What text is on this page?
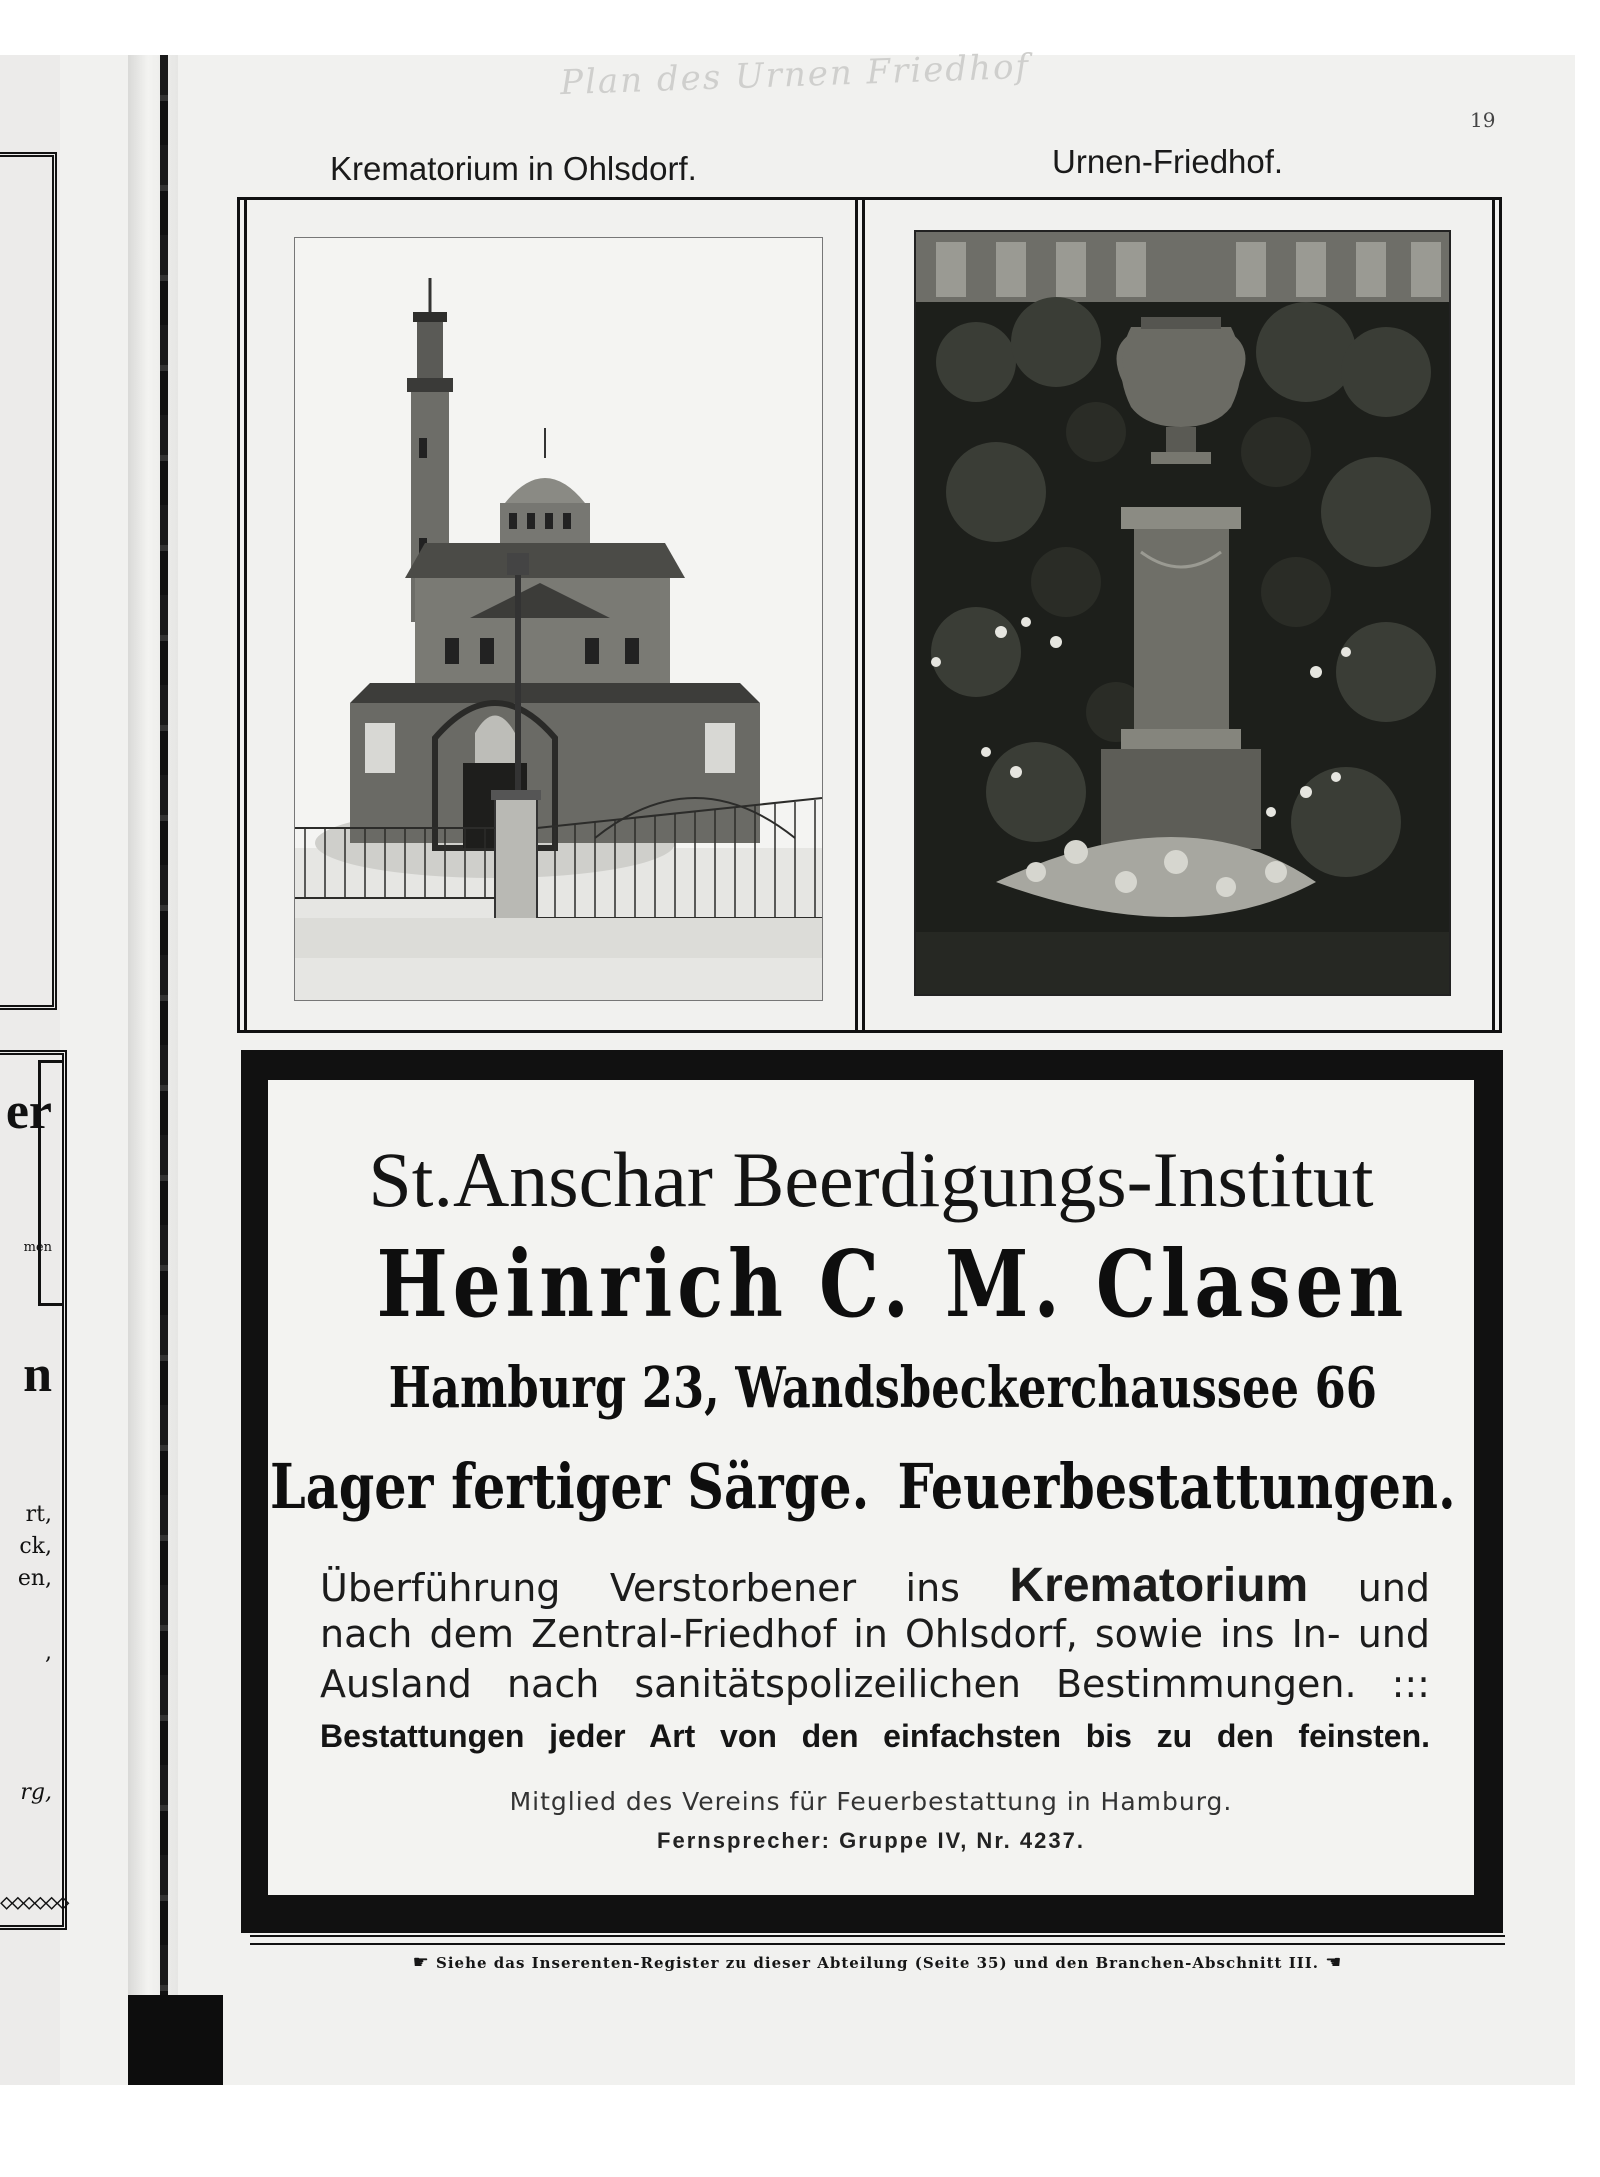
er
men
n
rt,
ck,
en,
,
rg,
◇◇◇◇◇◇
Plan des Urnen Friedhof
19
Krematorium in Ohlsdorf.	Urnen-Friedhof.
St.Anschar Beerdigungs-Institut
Heinrich C. M. Clasen
Hamburg 23, Wandsbeckerchaussee 66
Lager fertiger Särge. Feuerbestattungen.
Überführung Verstorbener ins Krematorium und
nach dem Zentral-Friedhof in Ohlsdorf, sowie ins In- und
Ausland nach sanitätspolizeilichen Bestimmungen. :::
Bestattungen jeder Art von den einfachsten bis zu den feinsten.
Mitglied des Vereins für Feuerbestattung in Hamburg.
Fernsprecher: Gruppe IV, Nr. 4237.
☛ Siehe das Inserenten-Register zu dieser Abteilung (Seite 35) und den Branchen-Abschnitt III. ☚
